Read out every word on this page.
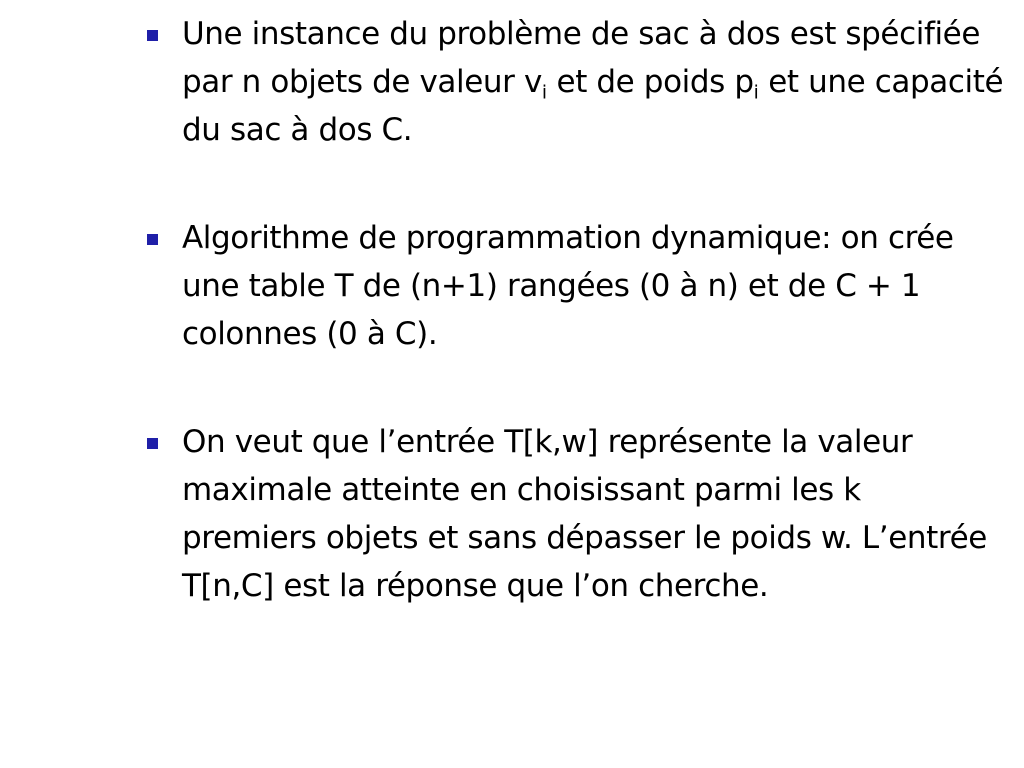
Une instance du problème de sac à dos est spécifiée par n objets de valeur $v_i$ et de poids $p_i$ et une capacité du sac à dos C.
Algorithme de programmation dynamique: on crée une table T de (n+1) rangées (0 à n) et de C + 1 colonnes (0 à C).
On veut que l’entrée T[k,w] représente la valeur maximale atteinte en choisissant parmi les k premiers objets et sans dépasser le poids w. L’entrée T[n,C] est la réponse que l’on cherche.
